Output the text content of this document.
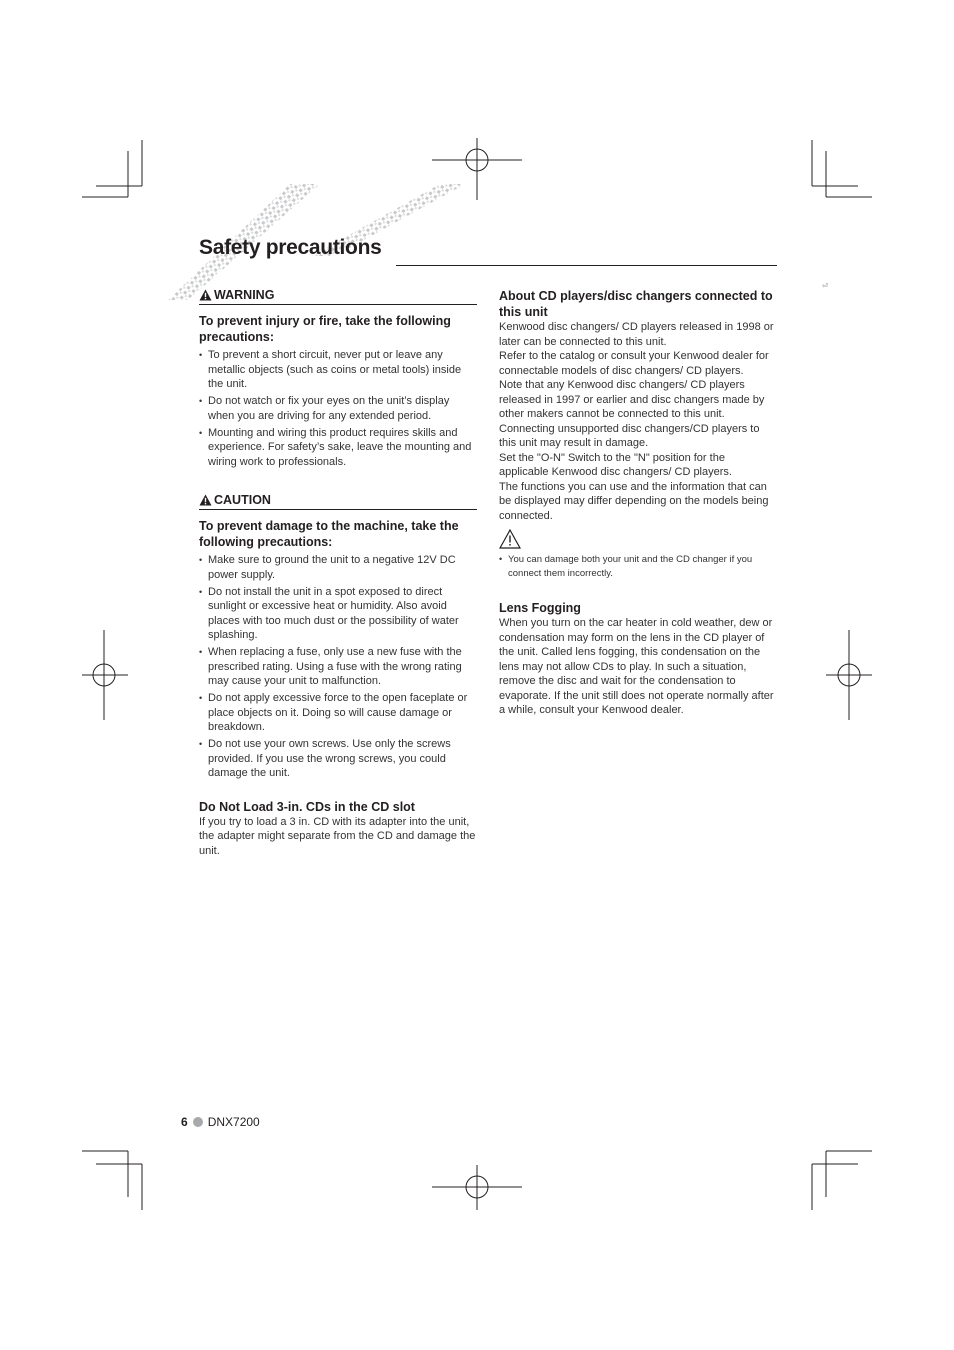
Safety precautions
⏎
WARNING

To prevent injury or fire, take the following precautions:

• To prevent a short circuit, never put or leave any metallic objects (such as coins or metal tools) inside the unit.
• Do not watch or fix your eyes on the unit’s display when you are driving for any extended period.
• Mounting and wiring this product requires skills and experience. For safety’s sake, leave the mounting and wiring work to professionals.
CAUTION

To prevent damage to the machine, take the following precautions:

• Make sure to ground the unit to a negative 12V DC power supply.
• Do not install the unit in a spot exposed to direct sunlight or excessive heat or humidity. Also avoid places with too much dust or the possibility of water splashing.
• When replacing a fuse, only use a new fuse with the prescribed rating. Using a fuse with the wrong rating may cause your unit to malfunction.
• Do not apply excessive force to the open faceplate or place objects on it. Doing so will cause damage or breakdown.
• Do not use your own screws. Use only the screws provided. If you use the wrong screws, you could damage the unit.

Do Not Load 3-in. CDs in the CD slot

If you try to load a 3 in. CD with its adapter into the unit, the adapter might separate from the CD and damage the unit.

About CD players/disc changers connected to this unit

Kenwood disc changers/ CD players released in 1998 or later can be connected to this unit.

Refer to the catalog or consult your Kenwood dealer for connectable models of disc changers/ CD players.

Note that any Kenwood disc changers/ CD players released in 1997 or earlier and disc changers made by other makers cannot be connected to this unit.

Connecting unsupported disc changers/CD players to this unit may result in damage.

Set the "O-N" Switch to the "N" position for the applicable Kenwood disc changers/ CD players.

The functions you can use and the information that can be displayed may differ depending on the models being connected.

• You can damage both your unit and the CD changer if you connect them incorrectly.

Lens Fogging

When you turn on the car heater in cold weather, dew or condensation may form on the lens in the CD player of the unit. Called lens fogging, this condensation on the lens may not allow CDs to play. In such a situation, remove the disc and wait for the condensation to evaporate. If the unit still does not operate normally after a while, consult your Kenwood dealer.

6 DNX7200
